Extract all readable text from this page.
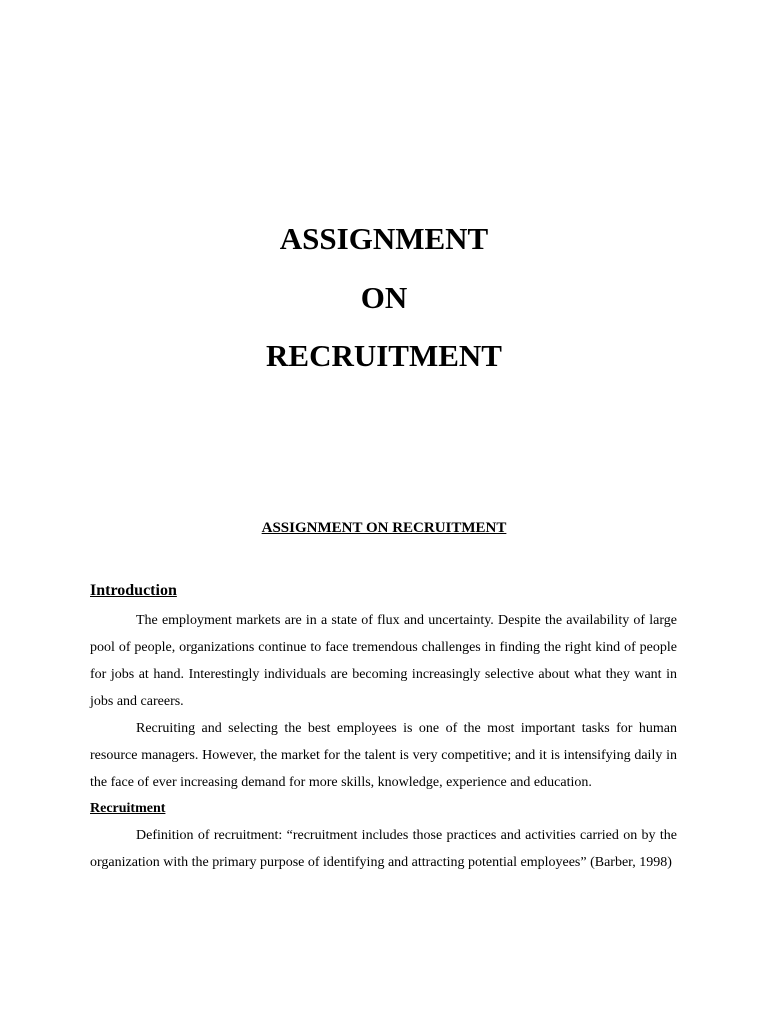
ASSIGNMENT
ON
RECRUITMENT
ASSIGNMENT ON RECRUITMENT
Introduction

The employment markets are in a state of flux and uncertainty. Despite the availability of large pool of people, organizations continue to face tremendous challenges in finding the right kind of people for jobs at hand. Interestingly individuals are becoming increasingly selective about what they want in jobs and careers.

Recruiting and selecting the best employees is one of the most important tasks for human resource managers. However, the market for the talent is very competitive; and it is intensifying daily in the face of ever increasing demand for more skills, knowledge, experience and education.

Recruitment

Definition of recruitment: “recruitment includes those practices and activities carried on by the organization with the primary purpose of identifying and attracting potential employees” (Barber, 1998)
